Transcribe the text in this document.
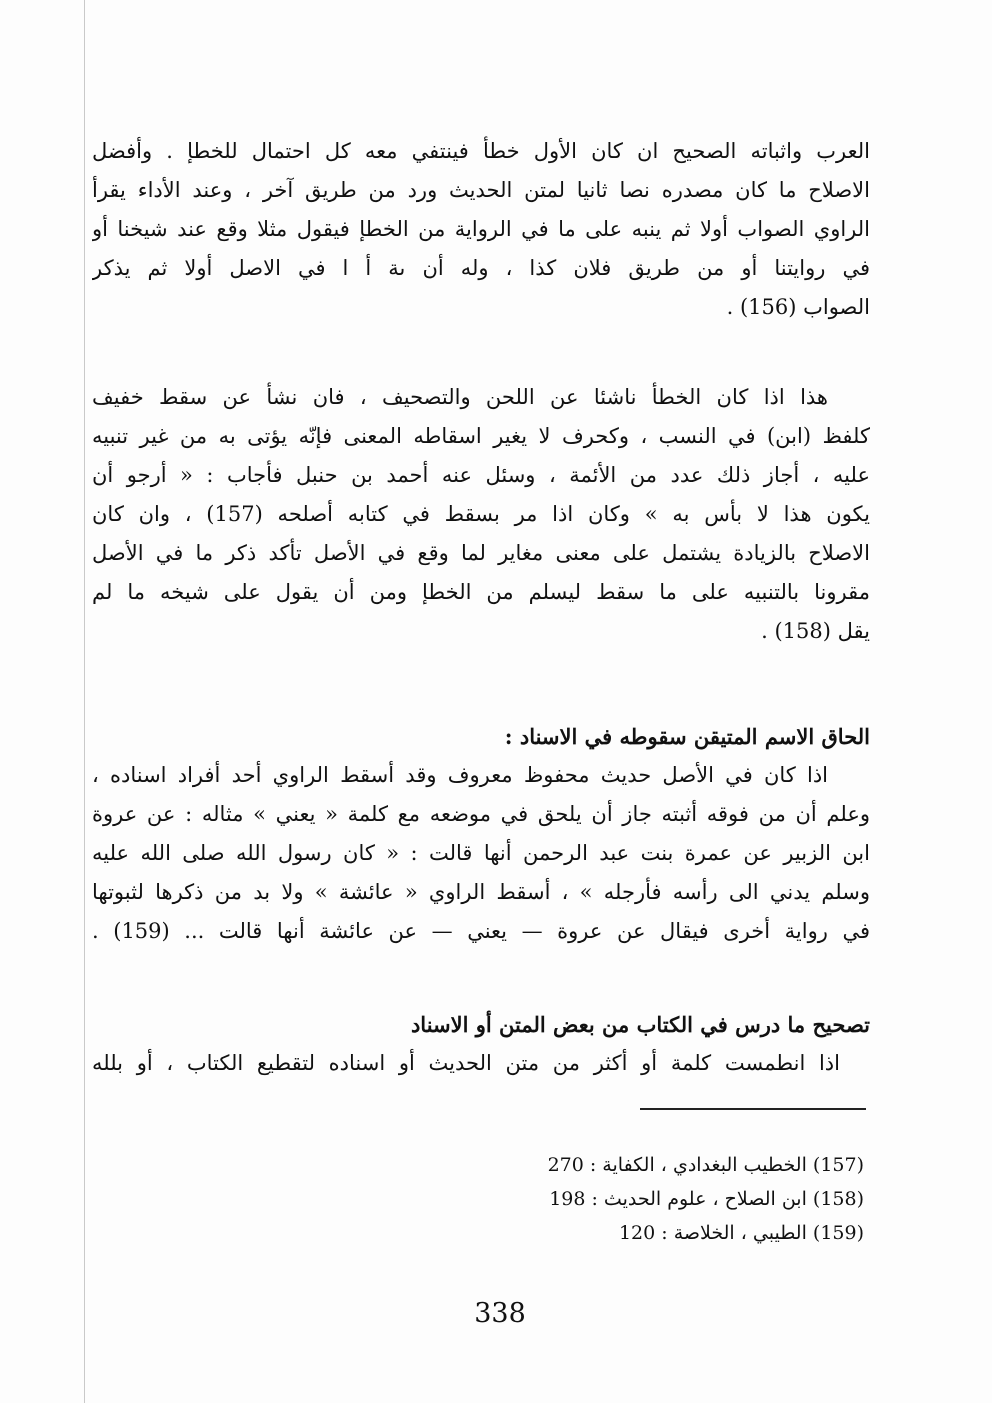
العرب واثباته الصحيح ان كان الأول خطأ فينتفي معه كل احتمال للخطإ . وأفضل
الاصلاح ما كان مصدره نصا ثانيا لمتن الحديث ورد من طريق آخر ، وعند الأداء يقرأ
الراوي الصواب أولا ثم ينبه على ما في الرواية من الخطإ فيقول مثلا وقع عند شيخنا أو
في روايتنا أو من طريق فلان كذا ، وله أن ىة أ ا في الاصل أولا ثم يذكر
الصواب (156) .
هذا اذا كان الخطأ ناشئا عن اللحن والتصحيف ، فان نشأ عن سقط خفيف
كلفظ (ابن) في النسب ، وكحرف لا يغير اسقاطه المعنى فإنّه يؤتى به من غير تنبيه
عليه ، أجاز ذلك عدد من الأئمة ، وسئل عنه أحمد بن حنبل فأجاب : « أرجو أن
يكون هذا لا بأس به » وكان اذا مر بسقط في كتابه أصلحه (157) ، وان كان
الاصلاح بالزيادة يشتمل على معنى مغاير لما وقع في الأصل تأكد ذكر ما في الأصل
مقرونا بالتنبيه على ما سقط ليسلم من الخطإ ومن أن يقول على شيخه ما لم
يقل (158) .
الحاق الاسم المتيقن سقوطه في الاسناد :
اذا كان في الأصل حديث محفوظ معروف وقد أسقط الراوي أحد أفراد اسناده ،
وعلم أن من فوقه أثبته جاز أن يلحق في موضعه مع كلمة « يعني » مثاله : عن عروة
ابن الزبير عن عمرة بنت عبد الرحمن أنها قالت : « كان رسول الله صلى الله عليه
وسلم يدني الى رأسه فأرجله » ، أسقط الراوي « عائشة » ولا بد من ذكرها لثبوتها
في رواية أخرى فيقال عن عروة — يعني — عن عائشة أنها قالت ... (159) .
تصحيح ما درس في الكتاب من بعض المتن أو الاسناد
اذا انطمست كلمة أو أكثر من متن الحديث أو اسناده لتقطيع الكتاب ، أو بلله
(157) الخطيب البغدادي ، الكفاية : 270
(158) ابن الصلاح ، علوم الحديث : 198
(159) الطيبي ، الخلاصة : 120
338
